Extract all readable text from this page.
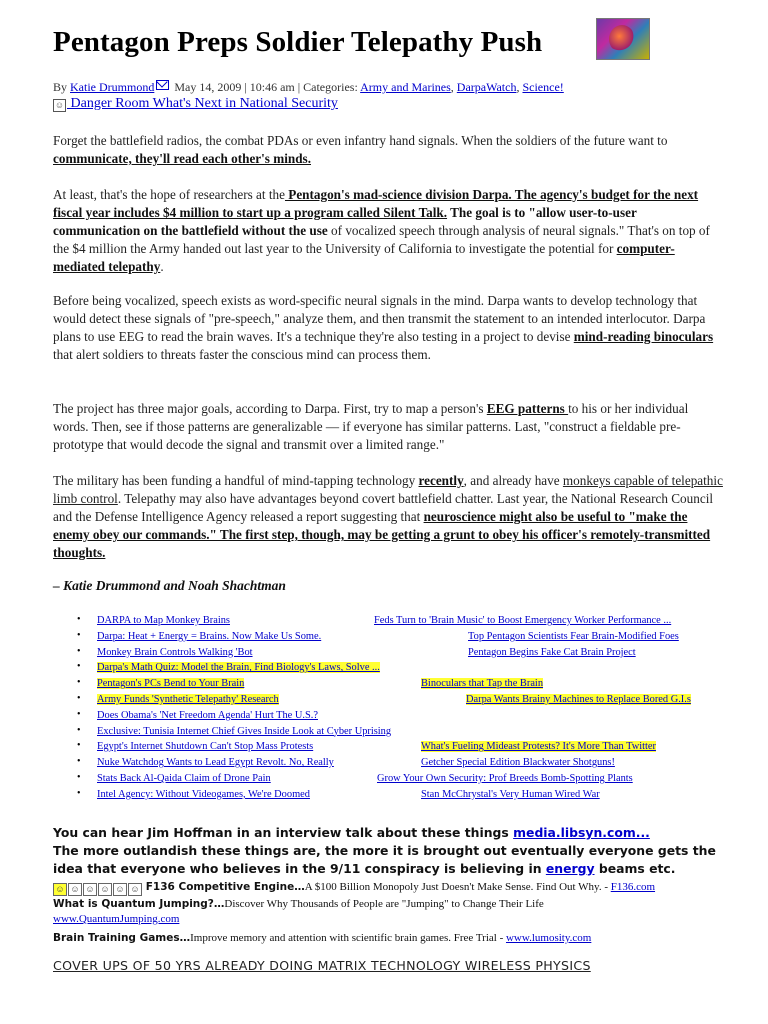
Pentagon Preps Soldier Telepathy Push
By Katie Drummond May 14, 2009 | 10:46 am | Categories: Army and Marines, DarpaWatch, Science!
☺ Danger Room What's Next in National Security

Forget the battlefield radios, the combat PDAs or even infantry hand signals. When the soldiers of the future want to communicate, they'll read each other's minds.

At least, that's the hope of researchers at the Pentagon's mad-science division Darpa. The agency's budget for the next fiscal year includes $4 million to start up a program called Silent Talk. The goal is to "allow user-to-user communication on the battlefield without the use of vocalized speech through analysis of neural signals." That's on top of the $4 million the Army handed out last year to the University of California to investigate the potential for computer-mediated telepathy.

Before being vocalized, speech exists as word-specific neural signals in the mind. Darpa wants to develop technology that would detect these signals of "pre-speech," analyze them, and then transmit the statement to an intended interlocutor. Darpa plans to use EEG to read the brain waves. It's a technique they're also testing in a project to devise mind-reading binoculars that alert soldiers to threats faster the conscious mind can process them.

The project has three major goals, according to Darpa. First, try to map a person's EEG patterns to his or her individual words. Then, see if those patterns are generalizable — if everyone has similar patterns. Last, "construct a fieldable pre-prototype that would decode the signal and transmit over a limited range."

The military has been funding a handful of mind-tapping technology recently, and already have monkeys capable of telepathic limb control. Telepathy may also have advantages beyond covert battlefield chatter. Last year, the National Research Council and the Defense Intelligence Agency released a report suggesting that neuroscience might also be useful to "make the enemy obey our commands." The first step, though, may be getting a grunt to obey his officer's remotely-transmitted thoughts.

– Katie Drummond and Noah Shachtman
• DARPA to Map Monkey Brains	Feds Turn to 'Brain Music' to Boost Emergency Worker Performance ...
• Darpa: Heat + Energy = Brains. Now Make Us Some.	Top Pentagon Scientists Fear Brain-Modified Foes
• Monkey Brain Controls Walking 'Bot	Pentagon Begins Fake Cat Brain Project
• Darpa's Math Quiz: Model the Brain, Find Biology's Laws, Solve ...
• Pentagon's PCs Bend to Your Brain	Binoculars that Tap the Brain
• Army Funds 'Synthetic Telepathy' Research	Darpa Wants Brainy Machines to Replace Bored G.I.s
• Does Obama's 'Net Freedom Agenda' Hurt The U.S.?
• Exclusive: Tunisia Internet Chief Gives Inside Look at Cyber Uprising
• Egypt's Internet Shutdown Can't Stop Mass Protests	What's Fueling Mideast Protests? It's More Than Twitter
• Nuke Watchdog Wants to Lead Egypt Revolt. No, Really	Getcher Special Edition Blackwater Shotguns!
• Stats Back Al-Qaida Claim of Drone Pain	Grow Your Own Security: Prof Breeds Bomb-Spotting Plants
• Intel Agency: Without Videogames, We're Doomed	Stan McChrystal's Very Human Wired War

You can hear Jim Hoffman in an interview talk about these things media.libsyn.com...
The more outlandish these things are, the more it is brought out eventually everyone gets the idea that everyone who believes in the 9/11 conspiracy is believing in energy beams etc.

☺ ☺ ☺ ☺ ☺ ☺ F136 Competitive Engine…A $100 Billion Monopoly Just Doesn't Make Sense. Find Out Why. - F136.com
What is Quantum Jumping?…Discover Why Thousands of People are "Jumping" to Change Their Life
www.QuantumJumping.com
Brain Training Games…Improve memory and attention with scientific brain games. Free Trial - www.lumosity.com
COVER UPS OF 50 YRS ALREADY DOING MATRIX TECHNOLOGY WIRELESS PHYSICS
